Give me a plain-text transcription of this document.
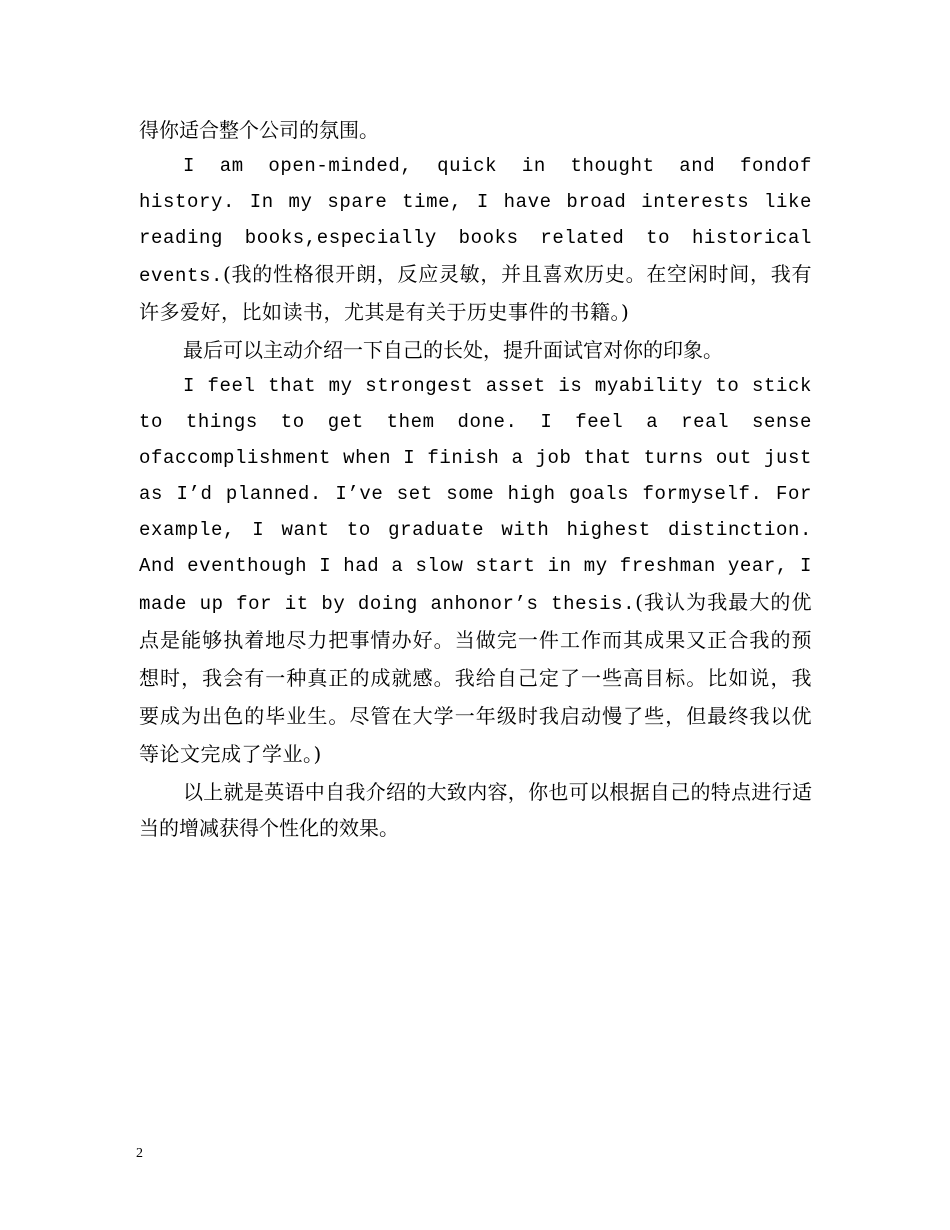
得你适合整个公司的氛围。

I am open-minded, quick in thought and fondof history. In my spare time, I have broad interests like reading books,especially books related to historical events.(我的性格很开朗，反应灵敏，并且喜欢历史。在空闲时间，我有许多爱好，比如读书，尤其是有关于历史事件的书籍。)

最后可以主动介绍一下自己的长处，提升面试官对你的印象。

I feel that my strongest asset is myability to stick to things to get them done. I feel a real sense ofaccomplishment when I finish a job that turns out just as I’d planned. I’ve set some high goals formyself. For example, I want to graduate with highest distinction. And eventhough I had a slow start in my freshman year, I made up for it by doing anhonor’s thesis.(我认为我最大的优点是能够执着地尽力把事情办好。当做完一件工作而其成果又正合我的预想时，我会有一种真正的成就感。我给自己定了一些高目标。比如说，我要成为出色的毕业生。尽管在大学一年级时我启动慢了些，但最终我以优等论文完成了学业。)

以上就是英语中自我介绍的大致内容，你也可以根据自己的特点进行适当的增减获得个性化的效果。

2
